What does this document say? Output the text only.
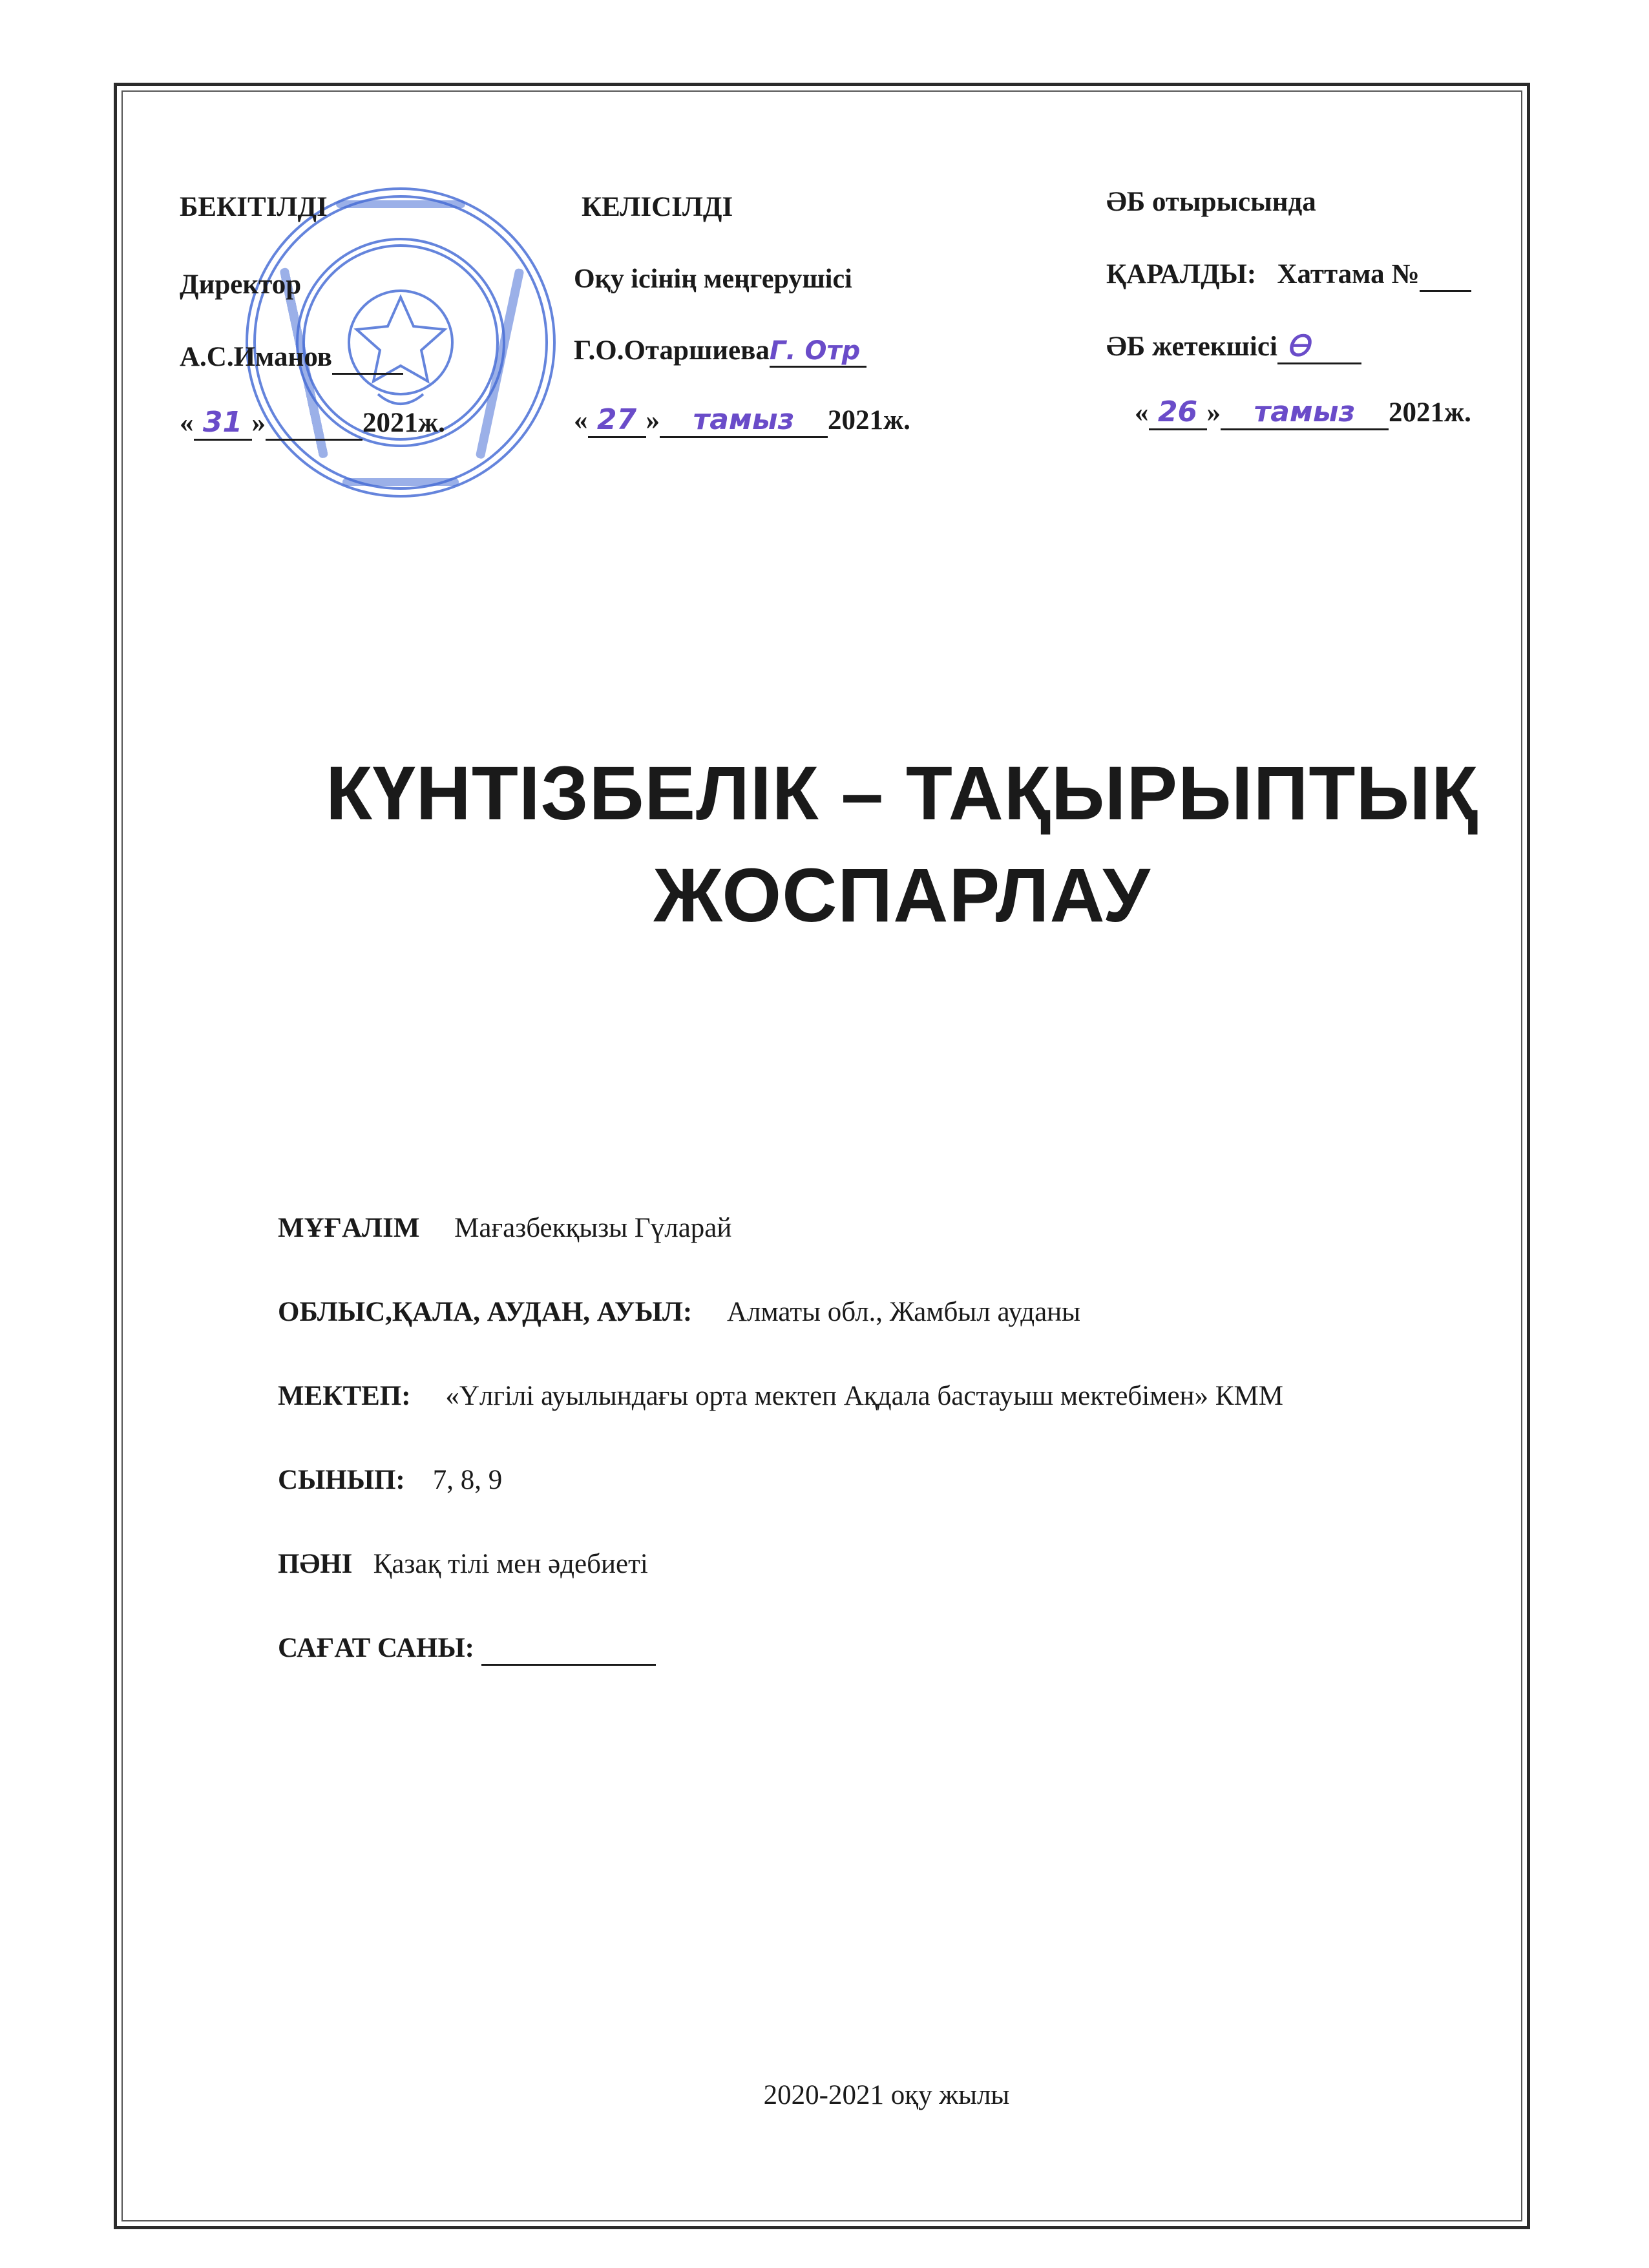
БЕКІТІЛДІ
Директор
А.С.Иманов
« 31 »	2021ж.
КЕЛІСІЛДІ
Оқу ісінің меңгерушісі
Г.О.ОтаршиеваГ. Отр
« 27 » тамыз 2021ж.
ӘБ отырысында
ҚАРАЛДЫ: Хаттама №
ӘБ жетекшісі Ꮎ
« 26 » тамыз 2021ж.
КҮНТІЗБЕЛІК – ТАҚЫРЫПТЫҚ
ЖОСПАРЛАУ
МҰҒАЛІМ Мағазбекқызы Гүларай
ОБЛЫС,ҚАЛА, АУДАН, АУЫЛ: Алматы обл., Жамбыл ауданы
МЕКТЕП: «Үлгілі ауылындағы орта мектеп Ақдала бастауыш мектебімен» КММ
СЫНЫП: 7, 8, 9
ПӘНІ Қазақ тілі мен әдебиеті
САҒАТ САНЫ:
2020-2021 оқу жылы
